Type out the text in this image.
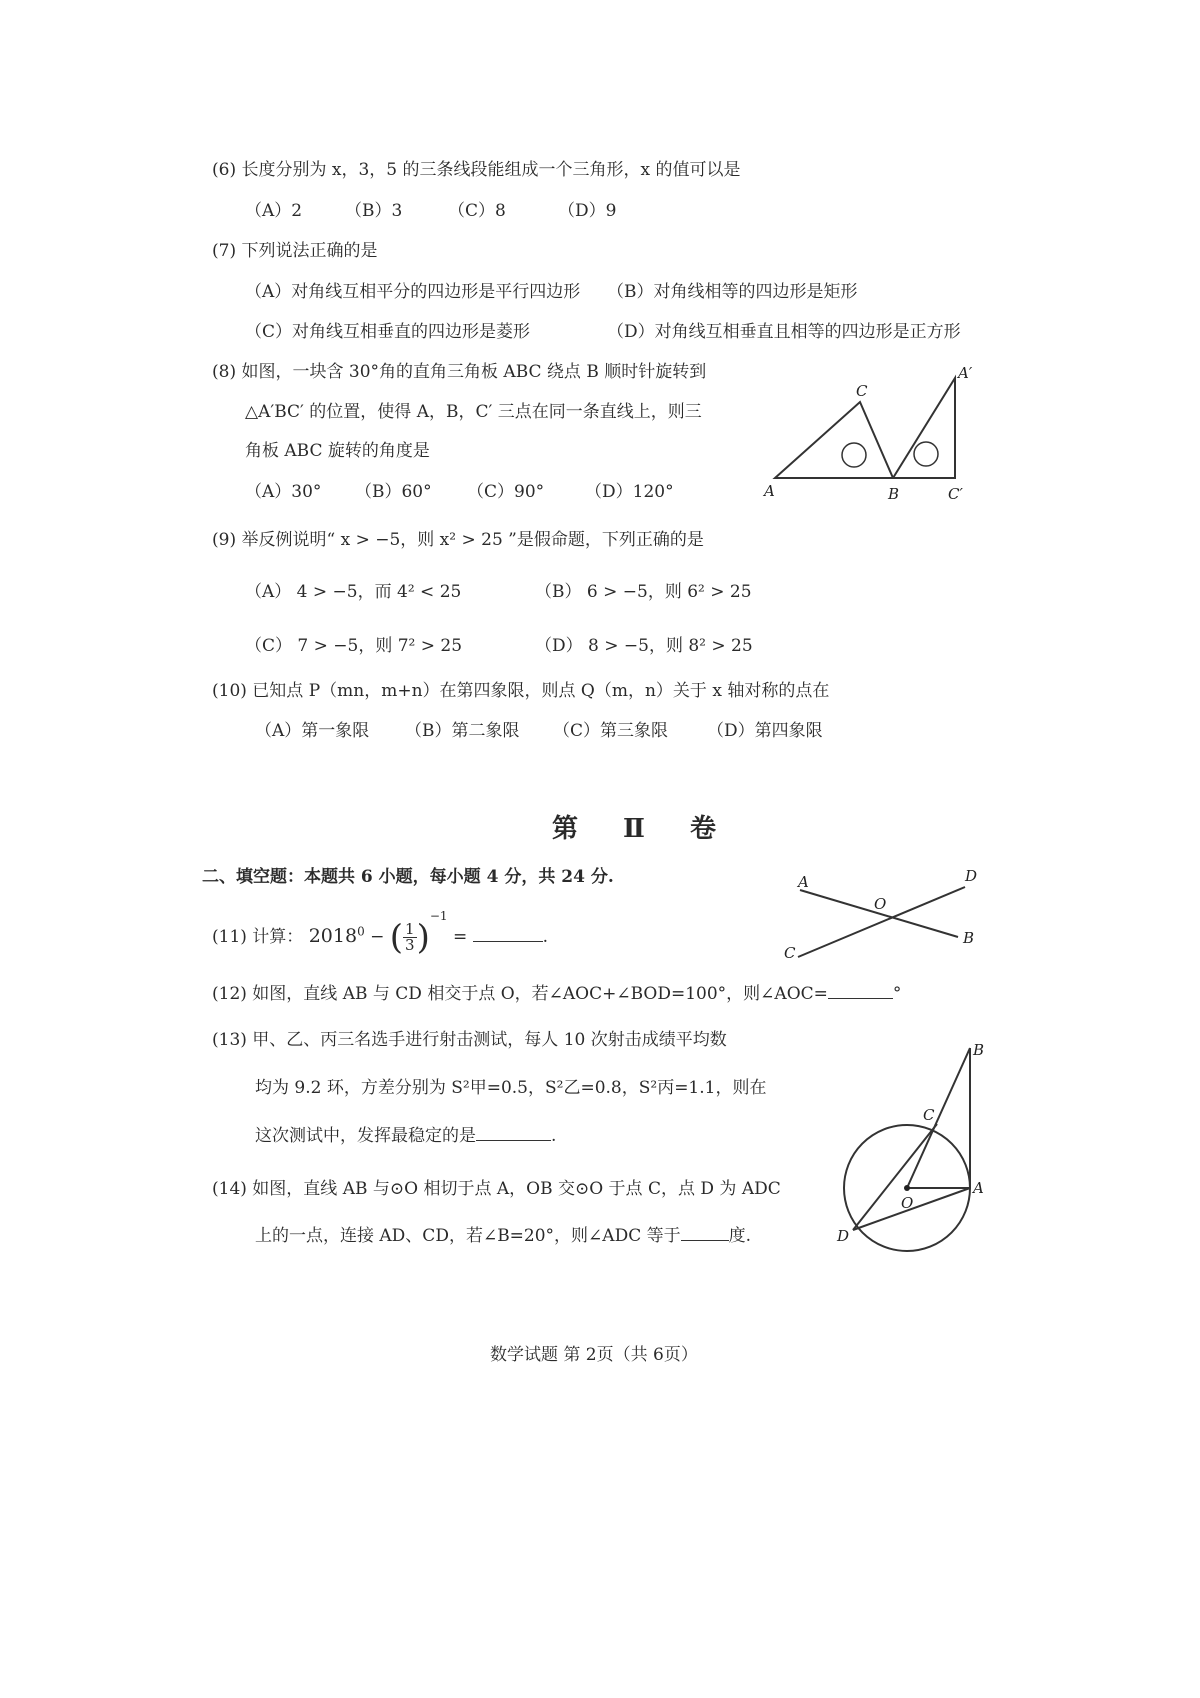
(6) 长度分别为 x，3，5 的三条线段能组成一个三角形，x 的值可以是
（A）2	（B）3	（C）8	（D）9
(7) 下列说法正确的是
（A）对角线互相平分的四边形是平行四边形 （B）对角线相等的四边形是矩形
（C）对角线互相垂直的四边形是菱形	（D）对角线互相垂直且相等的四边形是正方形
(8) 如图，一块含 30°角的直角三角板 ABC 绕点 B 顺时针旋转到
△A′BC′ 的位置，使得 A，B，C′ 三点在同一条直线上，则三
角板 ABC 旋转的角度是
（A）30° （B）60° （C）90° （D）120°	A
C
B
A′
C′
(9) 举反例说明“ x > −5，则 x² > 25 ”是假命题，下列正确的是
（A） 4 > −5，而 4² < 25	（B） 6 > −5，则 6² > 25
（C） 7 > −5，则 7² > 25	（D） 8 > −5，则 8² > 25
(10) 已知点 P（mn，m+n）在第四象限，则点 Q（m，n）关于 x 轴对称的点在
（A）第一象限 （B）第二象限 （C）第三象限 （D）第四象限
第 Ⅱ 卷
二、填空题：本题共 6 小题，每小题 4 分，共 24 分.	A	D
O
C
B
(11) 计算： $2018^0$ − ( $\frac{1}{3} )^{-1}$ =	.
(12) 如图，直线 AB 与 CD 相交于点 O，若∠AOC+∠BOD=100°，则∠AOC=	°
(13) 甲、乙、丙三名选手进行射击测试，每人 10 次射击成绩平均数
均为 9.2 环，方差分别为 S²甲=0.5，S²乙=0.8，S²丙=1.1，则在
这次测试中，发挥最稳定的是	.
(14) 如图，直线 AB 与⊙O 相切于点 A，OB 交⊙O 于点 C，点 D 为 ADC
上的一点，连接 AD、CD，若∠B=20°，则∠ADC 等于	度.
B
C
O
A
D
数学试题 第 2页（共 6页）
